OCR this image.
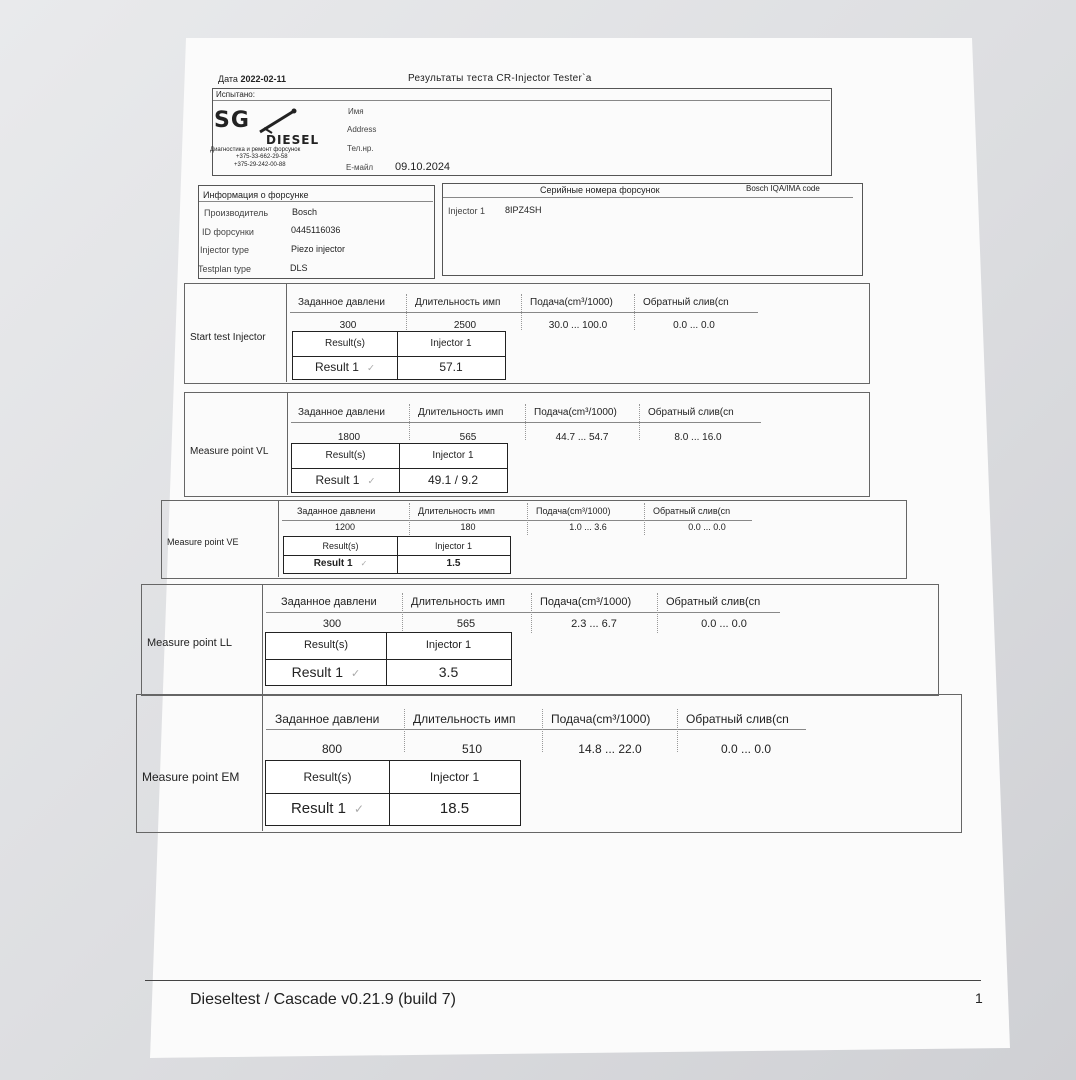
Дата 2022-02-11	Результаты теста CR-Injector Tester`a
Испытано:
SG
DIESEL
Диагностика и ремонт форсунок
+375-33-662-29-58
+375-29-242-00-88
Имя
Address
Тел.нр.
E-майл 09.10.2024
Информация о форсунке
Производитель	Bosch
ID форсунки	0445116036
Injector type	Piezo injector
Testplan type	DLS
Серийные номера форсунок	Bosch IQA/IMA code
Injector 1 8IPZ4SH
Start test Injector
Заданное давлени	Длительность имп	Подача(cm³/1000)	Обратный слив(cn
300	2500	30.0 ... 100.0	0.0 ... 0.0
Result(s)	Injector 1
Result 1 ✓	57.1
Measure point VL
Заданное давлени	Длительность имп	Подача(cm³/1000)	Обратный слив(cn
1800	565	44.7 ... 54.7	8.0 ... 16.0
Result(s)	Injector 1
Result 1 ✓	49.1 / 9.2
Measure point VE
Заданное давлени	Длительность имп	Подача(cm³/1000)	Обратный слив(cn
1200	180	1.0 ... 3.6	0.0 ... 0.0
Result(s)	Injector 1
Result 1 ✓	1.5
Measure point LL
Заданное давлени	Длительность имп	Подача(cm³/1000)	Обратный слив(cn
300	565	2.3 ... 6.7	0.0 ... 0.0
Result(s)	Injector 1
Result 1 ✓	3.5
Measure point EM
Заданное давлени	Длительность имп	Подача(cm³/1000)	Обратный слив(cn
800	510	14.8 ... 22.0	0.0 ... 0.0
Result(s)	Injector 1
Result 1 ✓	18.5
Dieseltest / Cascade v0.21.9 (build 7)	1
